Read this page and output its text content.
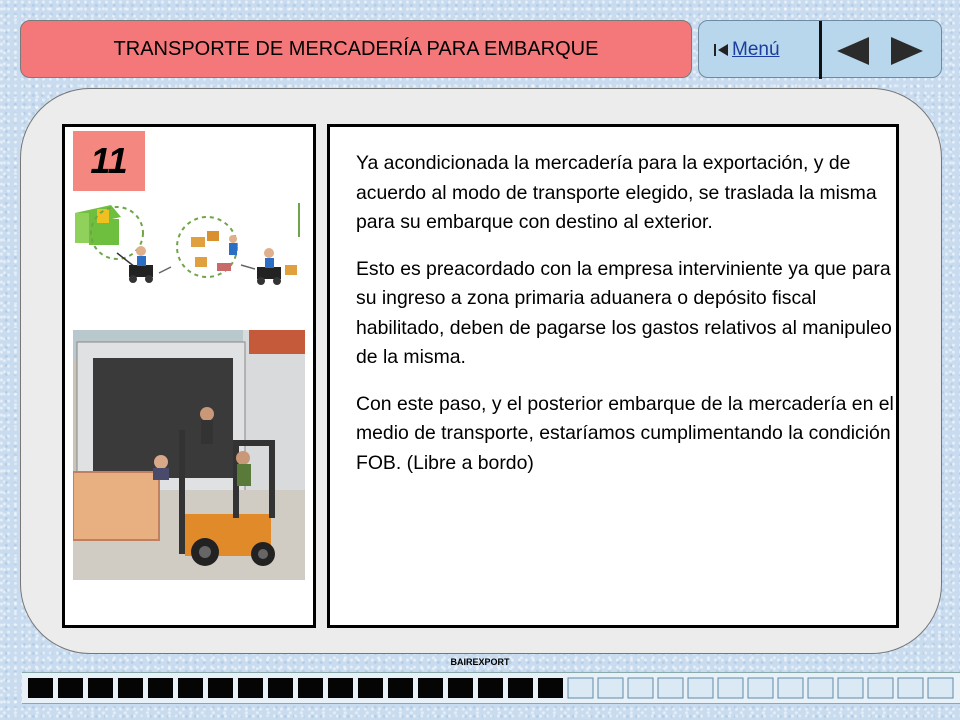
TRANSPORTE DE MERCADERÍA PARA EMBARQUE	Menú
11	Ya acondicionada la mercadería para la exportación, y de acuerdo al modo de transporte elegido, se traslada la misma para su embarque con destino al exterior.

Esto es preacordado con la empresa interviniente ya que para su ingreso a zona primaria aduanera o depósito fiscal habilitado, deben de pagarse los gastos relativos al manipuleo de la misma.

Con este paso, y el posterior embarque de la mercadería en el medio de transporte, estaríamos cumplimentando la condición FOB. (Libre a bordo)

BAIREXPORT
